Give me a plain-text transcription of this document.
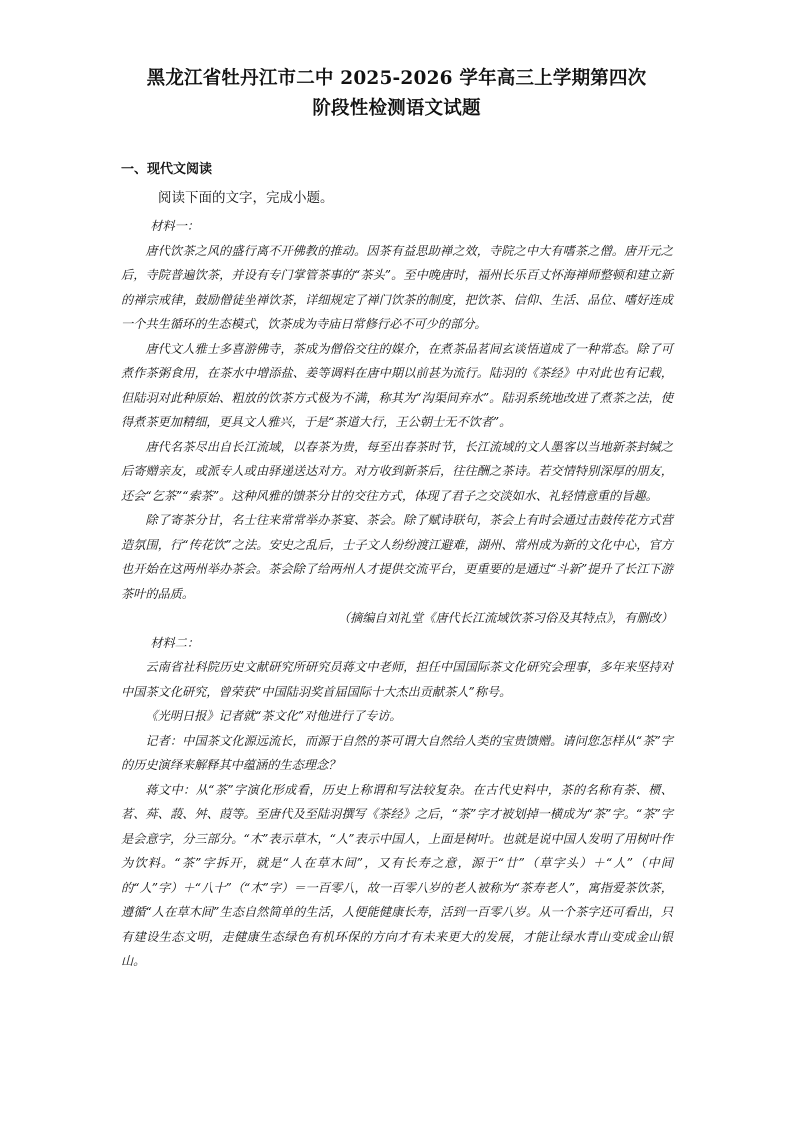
黑龙江省牡丹江市二中 2025-2026 学年高三上学期第四次
阶段性检测语文试题
一、现代文阅读

阅读下面的文字，完成小题。

材料一：

唐代饮茶之风的盛行离不开佛教的推动。因茶有益思助禅之效，寺院之中大有嗜茶之僧。唐开元之后，寺院普遍饮茶，并设有专门掌管茶事的“茶头”。至中晚唐时，福州长乐百丈怀海禅师整顿和建立新的禅宗戒律，鼓励僧徒坐禅饮茶，详细规定了禅门饮茶的制度，把饮茶、信仰、生活、品位、嗜好连成一个共生循环的生态模式，饮茶成为寺庙日常修行必不可少的部分。

唐代文人雅士多喜游佛寺，茶成为僧俗交往的媒介，在煮茶品茗间玄谈悟道成了一种常态。除了可煮作茶粥食用，在茶水中增添盐、姜等调料在唐中期以前甚为流行。陆羽的《茶经》中对此也有记载，但陆羽对此种原始、粗放的饮茶方式极为不满，称其为“沟渠间弃水”。陆羽系统地改进了煮茶之法，使得煮茶更加精细，更具文人雅兴，于是“茶道大行，王公朝士无不饮者”。

唐代名茶尽出自长江流域，以春茶为贵，每至出春茶时节，长江流域的文人墨客以当地新茶封缄之后寄赠亲友，或派专人或由驿递送达对方。对方收到新茶后，往往酬之茶诗。若交情特别深厚的朋友，还会“乞茶”“索茶”。这种风雅的馈茶分甘的交往方式，体现了君子之交淡如水、礼轻情意重的旨趣。

除了寄茶分甘，名士往来常常举办茶宴、茶会。除了赋诗联句，茶会上有时会通过击鼓传花方式营造氛围，行“传花饮”之法。安史之乱后，士子文人纷纷渡江避难，湖州、常州成为新的文化中心，官方也开始在这两州举办茶会。茶会除了给两州人才提供交流平台，更重要的是通过“斗新”提升了长江下游茶叶的品质。

（摘编自刘礼堂《唐代长江流域饮茶习俗及其特点》，有删改）

材料二：

云南省社科院历史文献研究所研究员蒋文中老师，担任中国国际茶文化研究会理事，多年来坚持对中国茶文化研究，曾荣获“中国陆羽奖首届国际十大杰出贡献茶人”称号。

《光明日报》记者就“茶文化”对他进行了专访。

记者：中国茶文化源远流长，而源于自然的茶可谓大自然给人类的宝贵馈赠。请问您怎样从“茶”字的历史演绎来解释其中蕴涵的生态理念？

蒋文中：从“茶”字演化形成看，历史上称谓和写法较复杂。在古代史料中，茶的名称有荼、槚、茗、荈、蔎、舛、葭等。至唐代及至陆羽撰写《茶经》之后，“茶”字才被划掉一横成为“茶”字。“茶”字是会意字，分三部分。“木”表示草木，“人”表示中国人，上面是树叶。也就是说中国人发明了用树叶作为饮料。“茶”字拆开，就是“人在草木间”，又有长寿之意，源于“廿”（草字头）＋“人”（中间的“人”字）＋“八十”（“木”字）＝一百零八，故一百零八岁的老人被称为“茶寿老人”，寓指爱茶饮茶，遵循“人在草木间”生态自然简单的生活，人便能健康长寿，活到一百零八岁。从一个茶字还可看出，只有建设生态文明，走健康生态绿色有机环保的方向才有未来更大的发展，才能让绿水青山变成金山银山。
